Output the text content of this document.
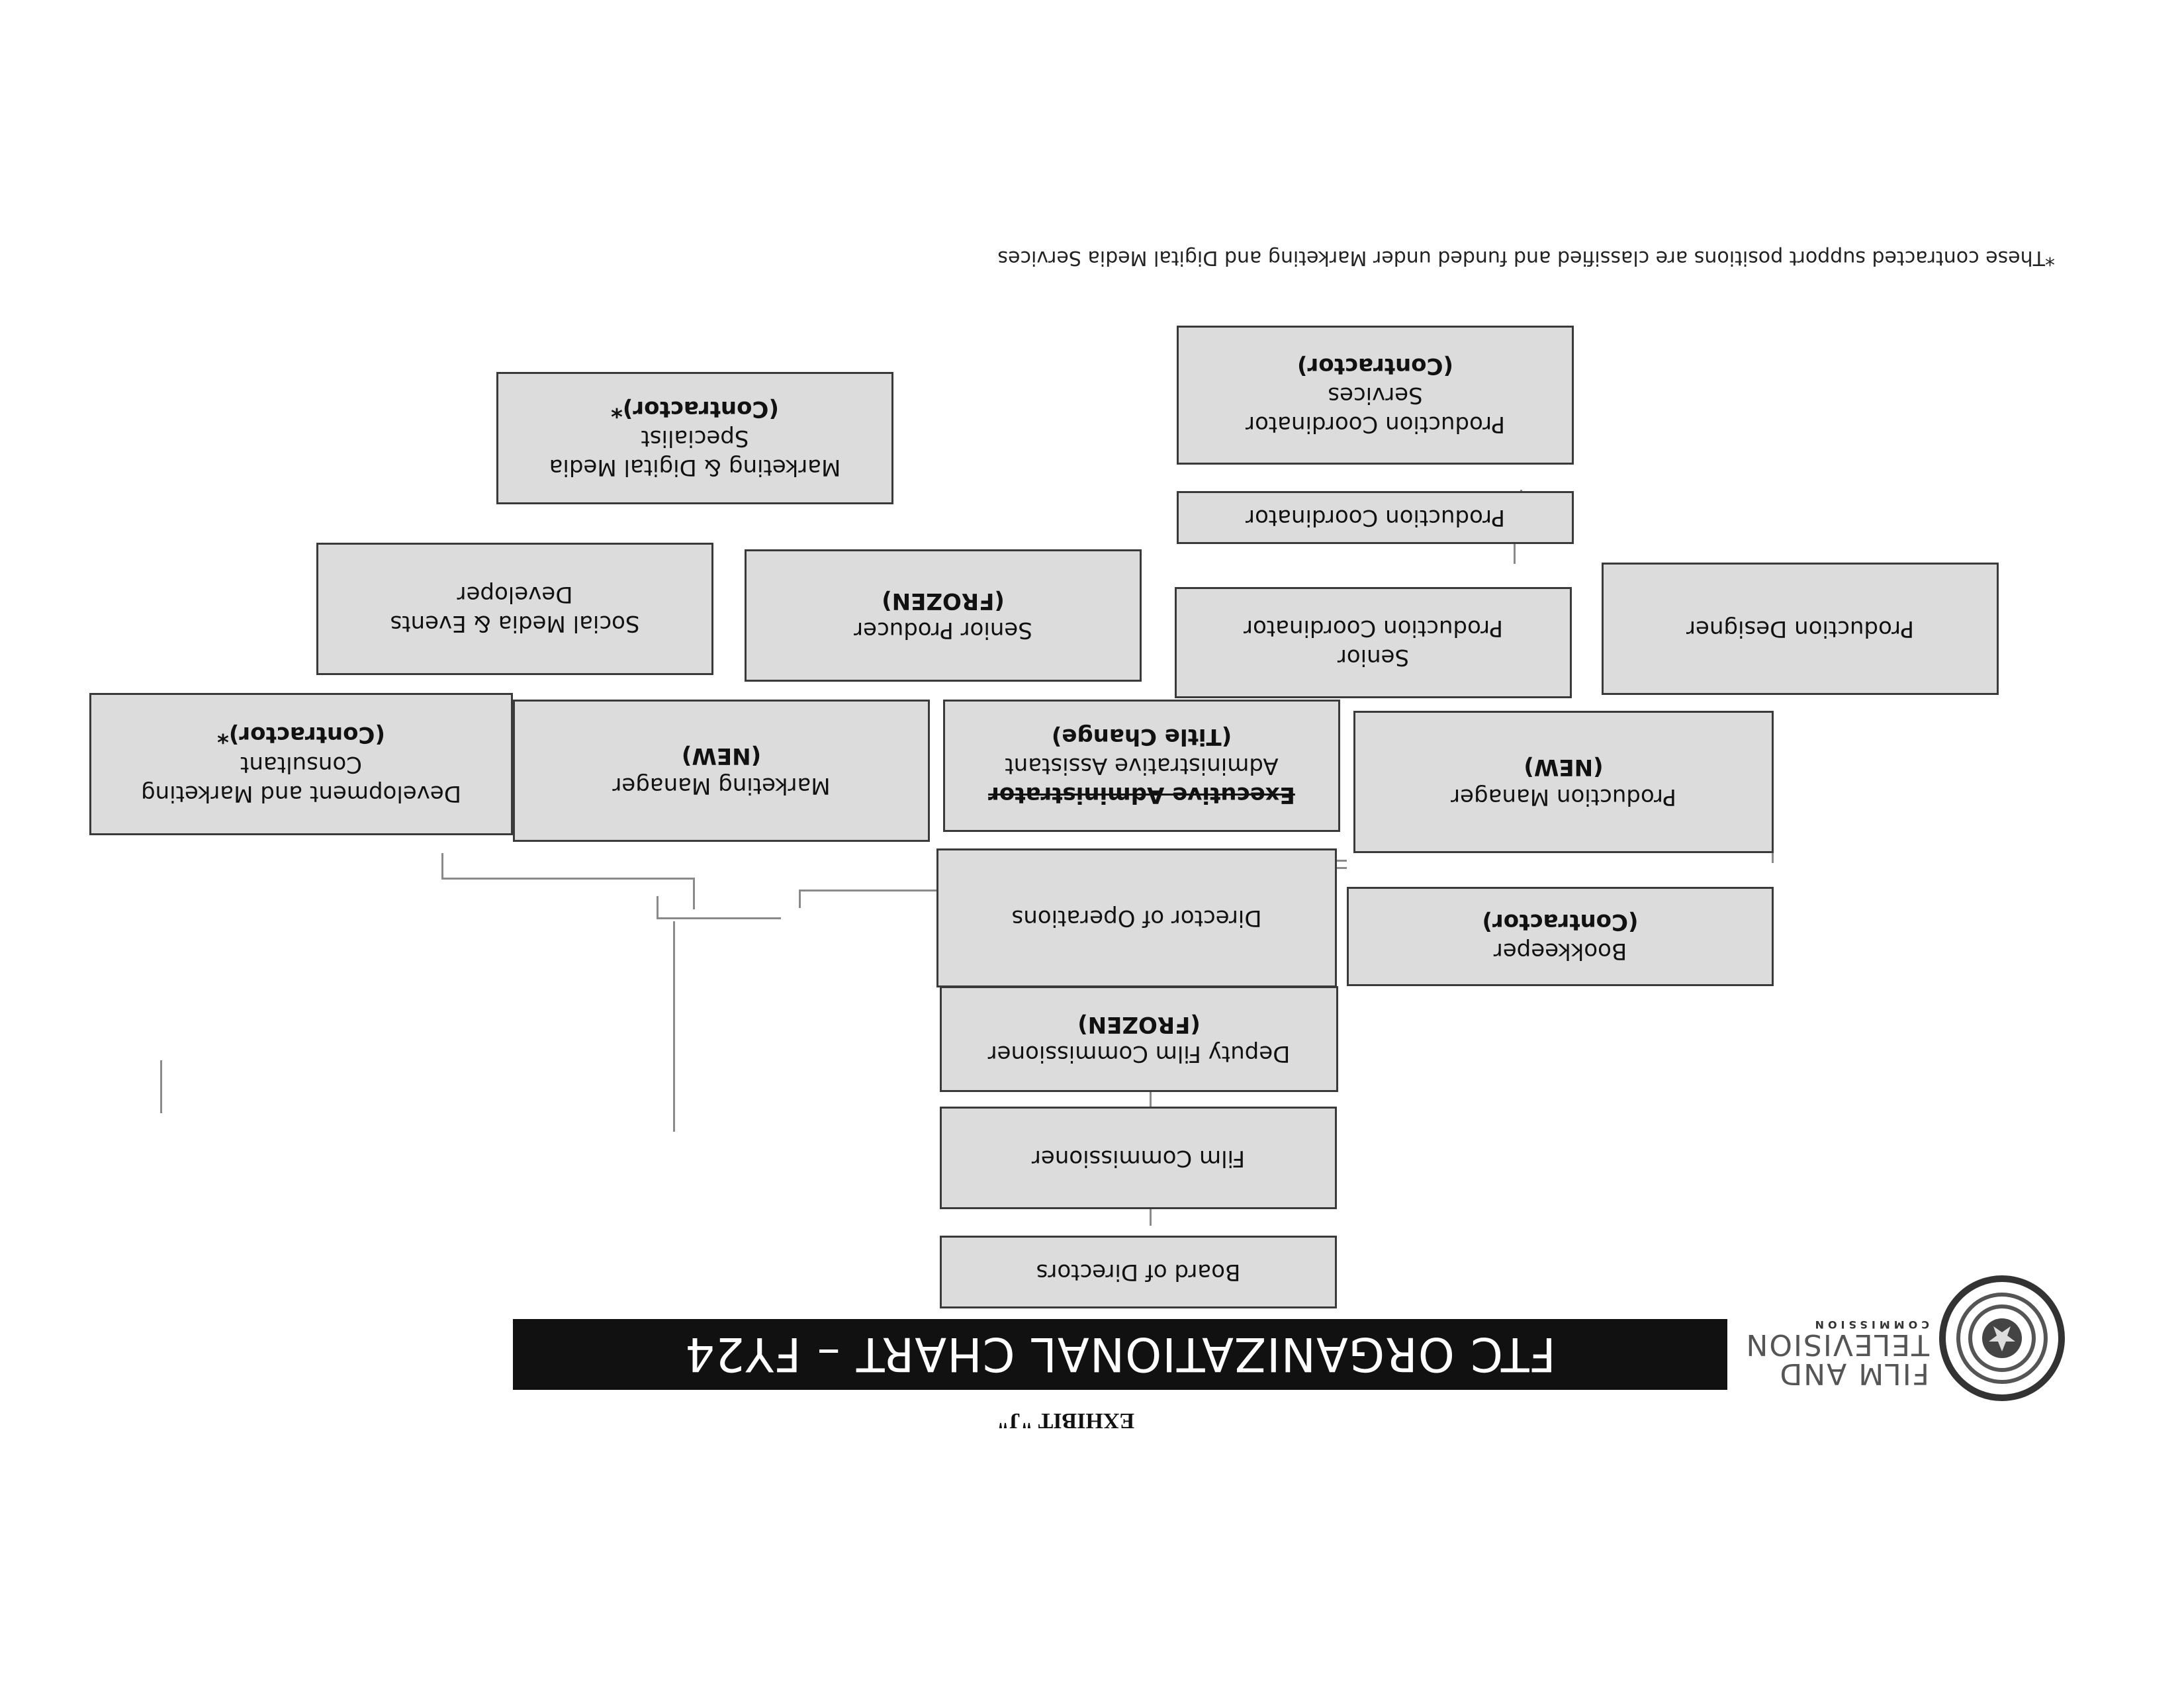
EXHIBIT "J"
FILM AND
TELEVISION
COMMISSION
FTC ORGANIZATIONAL CHART – FY24
Board of Directors
Film Commissioner
Deputy Film Commissioner
(FROZEN)
Director of Operations
Bookkeeper
(Contractor)
Executive Administrator
Administrative Assistant
(Title Change)
Production Manager
(NEW)
Marketing Manager
(NEW)
Development and Marketing
Consultant
(Contractor)*
Production Designer
Senior
Production Coordinator
Senior Producer
(FROZEN)
Social Media & Events
Developer
Production Coordinator
Production Coordinator
Services
(Contractor)
Marketing & Digital Media
Specialist
(Contractor)*
*These contracted support positions are classified and funded under Marketing and Digital Media Services
